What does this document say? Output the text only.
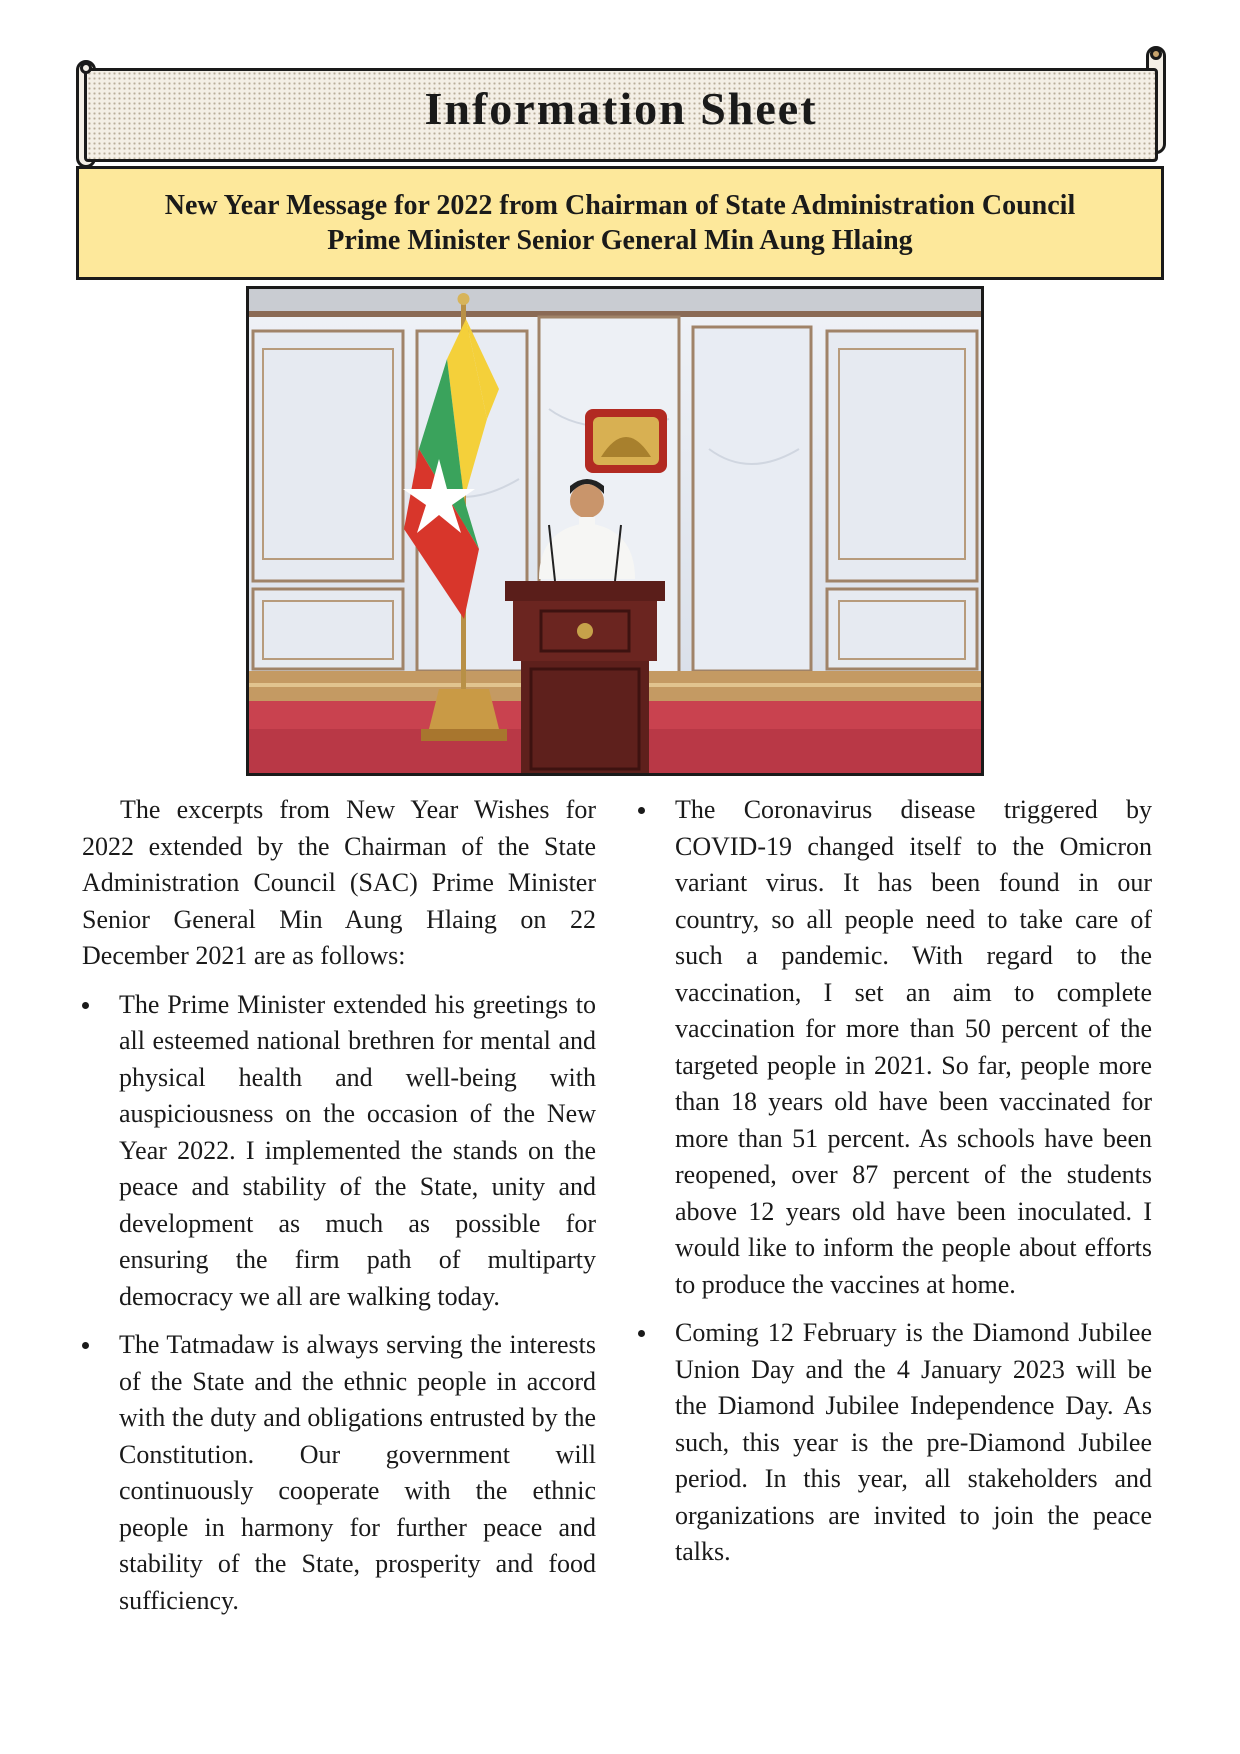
Information Sheet
New Year Message for 2022 from Chairman of State Administration Council
Prime Minister Senior General Min Aung Hlaing

The excerpts from New Year Wishes for 2022 extended by the Chairman of the State Administration Council (SAC) Prime Minister Senior General Min Aung Hlaing on 22 December 2021 are as follows:

The Prime Minister extended his greetings to all esteemed national brethren for mental and physical health and well-being with auspiciousness on the occasion of the New Year 2022. I implemented the stands on the peace and stability of the State, unity and development as much as possible for ensuring the firm path of multiparty democracy we all are walking today.
The Tatmadaw is always serving the interests of the State and the ethnic people in accord with the duty and obligations entrusted by the Constitution. Our government will continuously cooperate with the ethnic people in harmony for further peace and stability of the State, prosperity and food sufficiency.
The Coronavirus disease triggered by COVID-19 changed itself to the Omicron variant virus. It has been found in our country, so all people need to take care of such a pandemic. With regard to the vaccination, I set an aim to complete vaccination for more than 50 percent of the targeted people in 2021. So far, people more than 18 years old have been vaccinated for more than 51 percent. As schools have been reopened, over 87 percent of the students above 12 years old have been inoculated. I would like to inform the people about efforts to produce the vaccines at home.
Coming 12 February is the Diamond Jubilee Union Day and the 4 January 2023 will be the Diamond Jubilee Independence Day. As such, this year is the pre-Diamond Jubilee period. In this year, all stakeholders and organizations are invited to join the peace talks.
